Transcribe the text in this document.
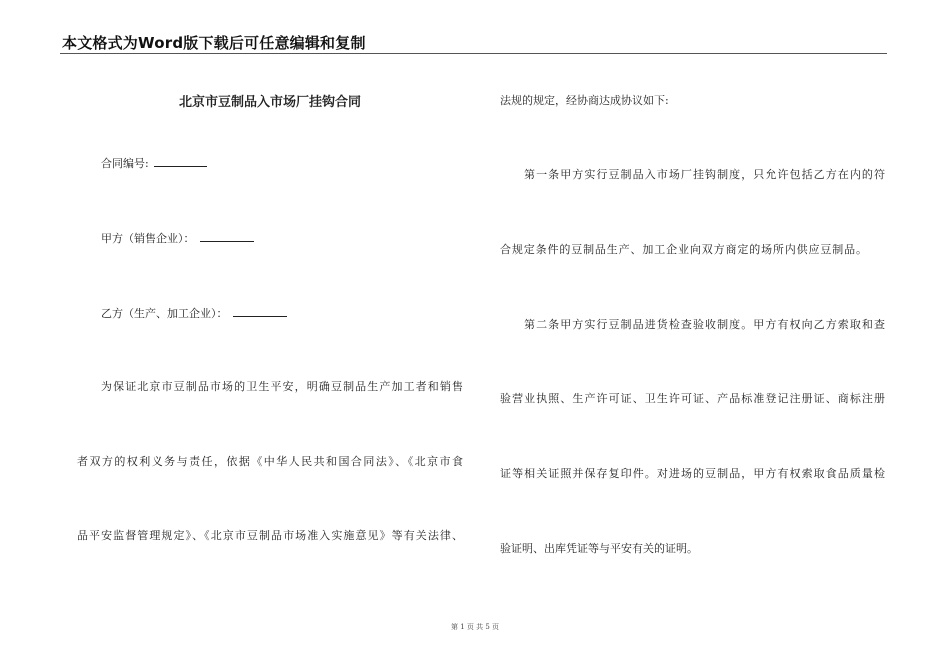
本文格式为Word版下载后可任意编辑和复制
北京市豆制品入市场厂挂钩合同
合同编号:
甲方（销售企业）：
乙方（生产、加工企业）：
为保证北京市豆制品市场的卫生平安，明确豆制品生产加工者和销售
者双方的权利义务与责任，依据《中华人民共和国合同法》、《北京市食
品平安监督管理规定》、《北京市豆制品市场准入实施意见》等有关法律、
法规的规定，经协商达成协议如下:
第一条甲方实行豆制品入市场厂挂钩制度，只允许包括乙方在内的符
合规定条件的豆制品生产、加工企业向双方商定的场所内供应豆制品。
第二条甲方实行豆制品进货检查验收制度。甲方有权向乙方索取和查
验营业执照、生产许可证、卫生许可证、产品标准登记注册证、商标注册
证等相关证照并保存复印件。对进场的豆制品，甲方有权索取食品质量检
验证明、出库凭证等与平安有关的证明。
第 1 页 共 5 页
